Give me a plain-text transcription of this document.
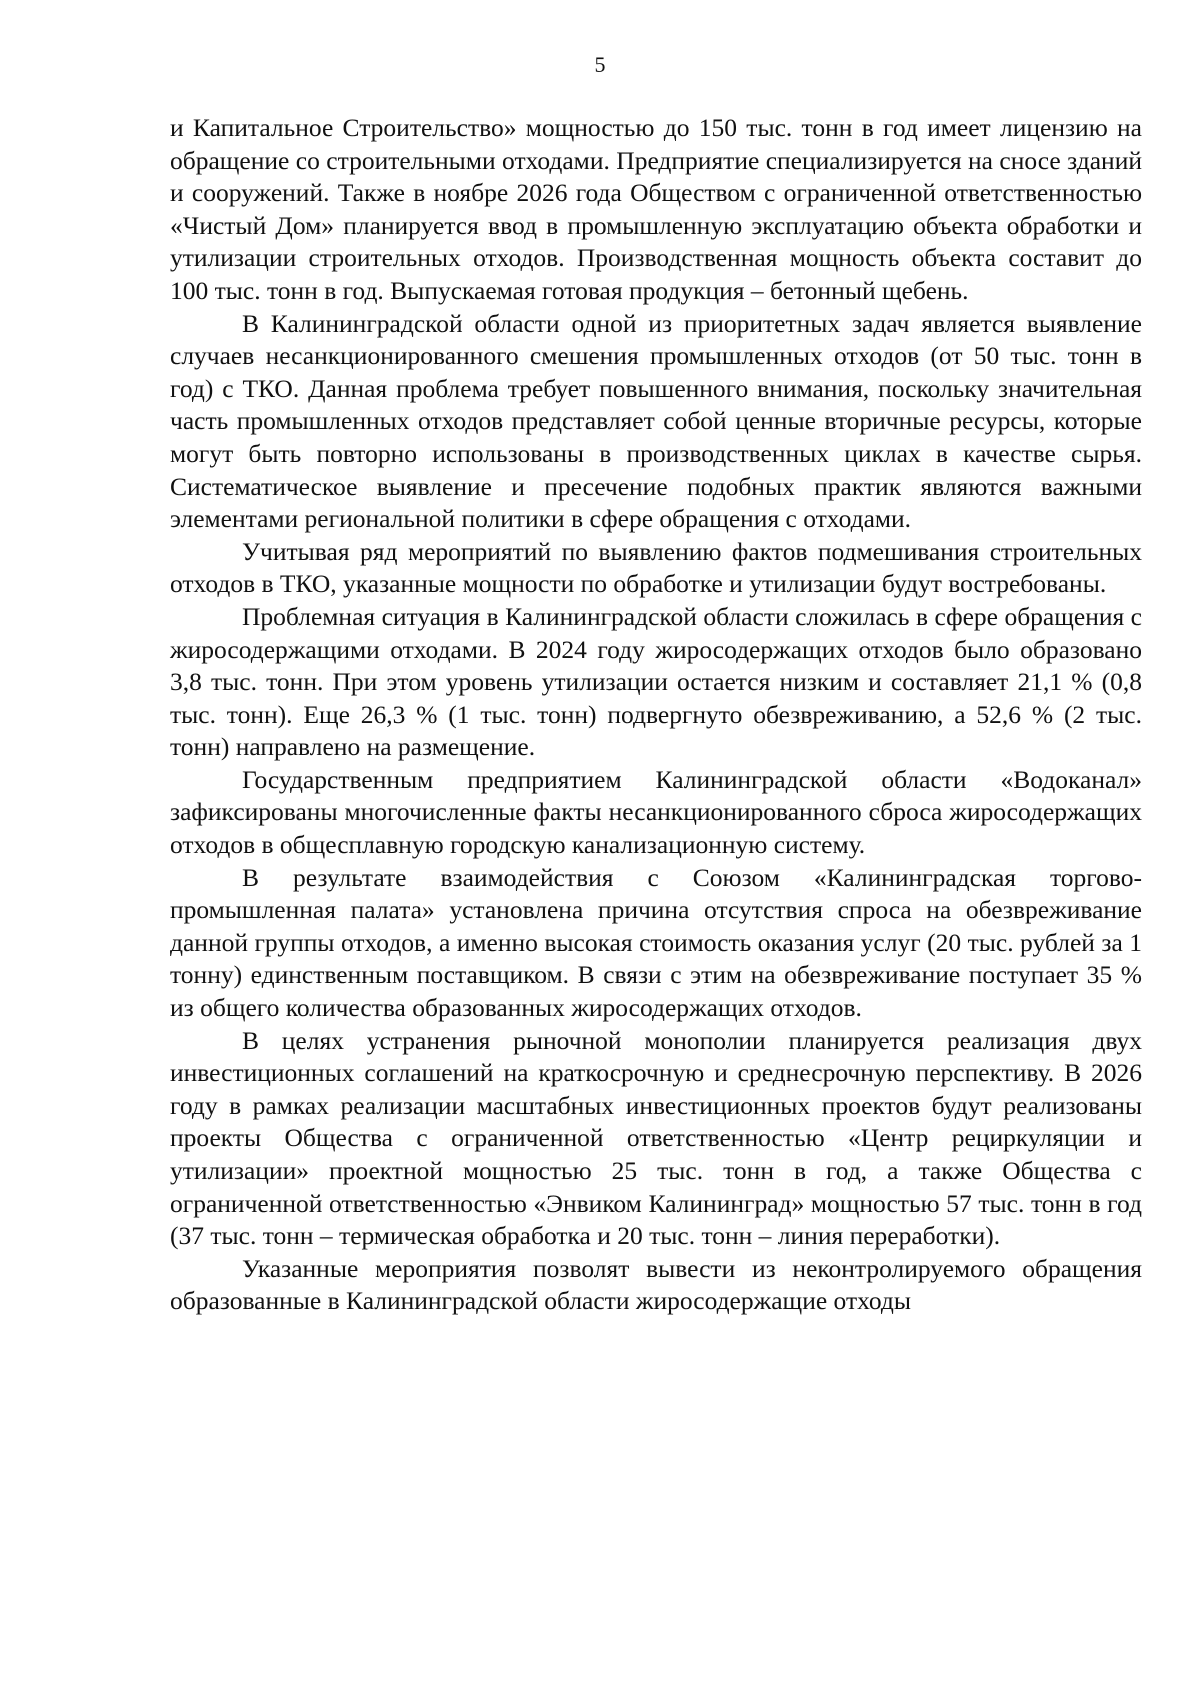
5

и Капитальное Строительство» мощностью до 150 тыс. тонн в год имеет лицензию на обращение со строительными отходами. Предприятие специализируется на сносе зданий и сооружений. Также в ноябре 2026 года Обществом с ограниченной ответственностью «Чистый Дом» планируется ввод в промышленную эксплуатацию объекта обработки и утилизации строительных отходов. Производственная мощность объекта составит до 100 тыс. тонн в год. Выпускаемая готовая продукция – бетонный щебень.

В Калининградской области одной из приоритетных задач является выявление случаев несанкционированного смешения промышленных отходов (от 50 тыс. тонн в год) с ТКО. Данная проблема требует повышенного внимания, поскольку значительная часть промышленных отходов представляет собой ценные вторичные ресурсы, которые могут быть повторно использованы в производственных циклах в качестве сырья. Систематическое выявление и пресечение подобных практик являются важными элементами региональной политики в сфере обращения с отходами.

Учитывая ряд мероприятий по выявлению фактов подмешивания строительных отходов в ТКО, указанные мощности по обработке и утилизации будут востребованы.

Проблемная ситуация в Калининградской области сложилась в сфере обращения с жиросодержащими отходами. В 2024 году жиросодержащих отходов было образовано 3,8 тыс. тонн. При этом уровень утилизации остается низким и составляет 21,1 % (0,8 тыс. тонн). Еще 26,3 % (1 тыс. тонн) подвергнуто обезвреживанию, а 52,6 % (2 тыс. тонн) направлено на размещение.

Государственным предприятием Калининградской области «Водоканал» зафиксированы многочисленные факты несанкционированного сброса жиросодержащих отходов в общесплавную городскую канализационную систему.

В результате взаимодействия с Союзом «Калининградская торгово-промышленная палата» установлена причина отсутствия спроса на обезвреживание данной группы отходов, а именно высокая стоимость оказания услуг (20 тыс. рублей за 1 тонну) единственным поставщиком. В связи с этим на обезвреживание поступает 35 % из общего количества образованных жиросодержащих отходов.

В целях устранения рыночной монополии планируется реализация двух инвестиционных соглашений на краткосрочную и среднесрочную перспективу. В 2026 году в рамках реализации масштабных инвестиционных проектов будут реализованы проекты Общества с ограниченной ответственностью «Центр рециркуляции и утилизации» проектной мощностью 25 тыс. тонн в год, а также Общества с ограниченной ответственностью «Энвиком Калининград» мощностью 57 тыс. тонн в год (37 тыс. тонн – термическая обработка и 20 тыс. тонн – линия переработки).

Указанные мероприятия позволят вывести из неконтролируемого обращения образованные в Калининградской области жиросодержащие отходы
